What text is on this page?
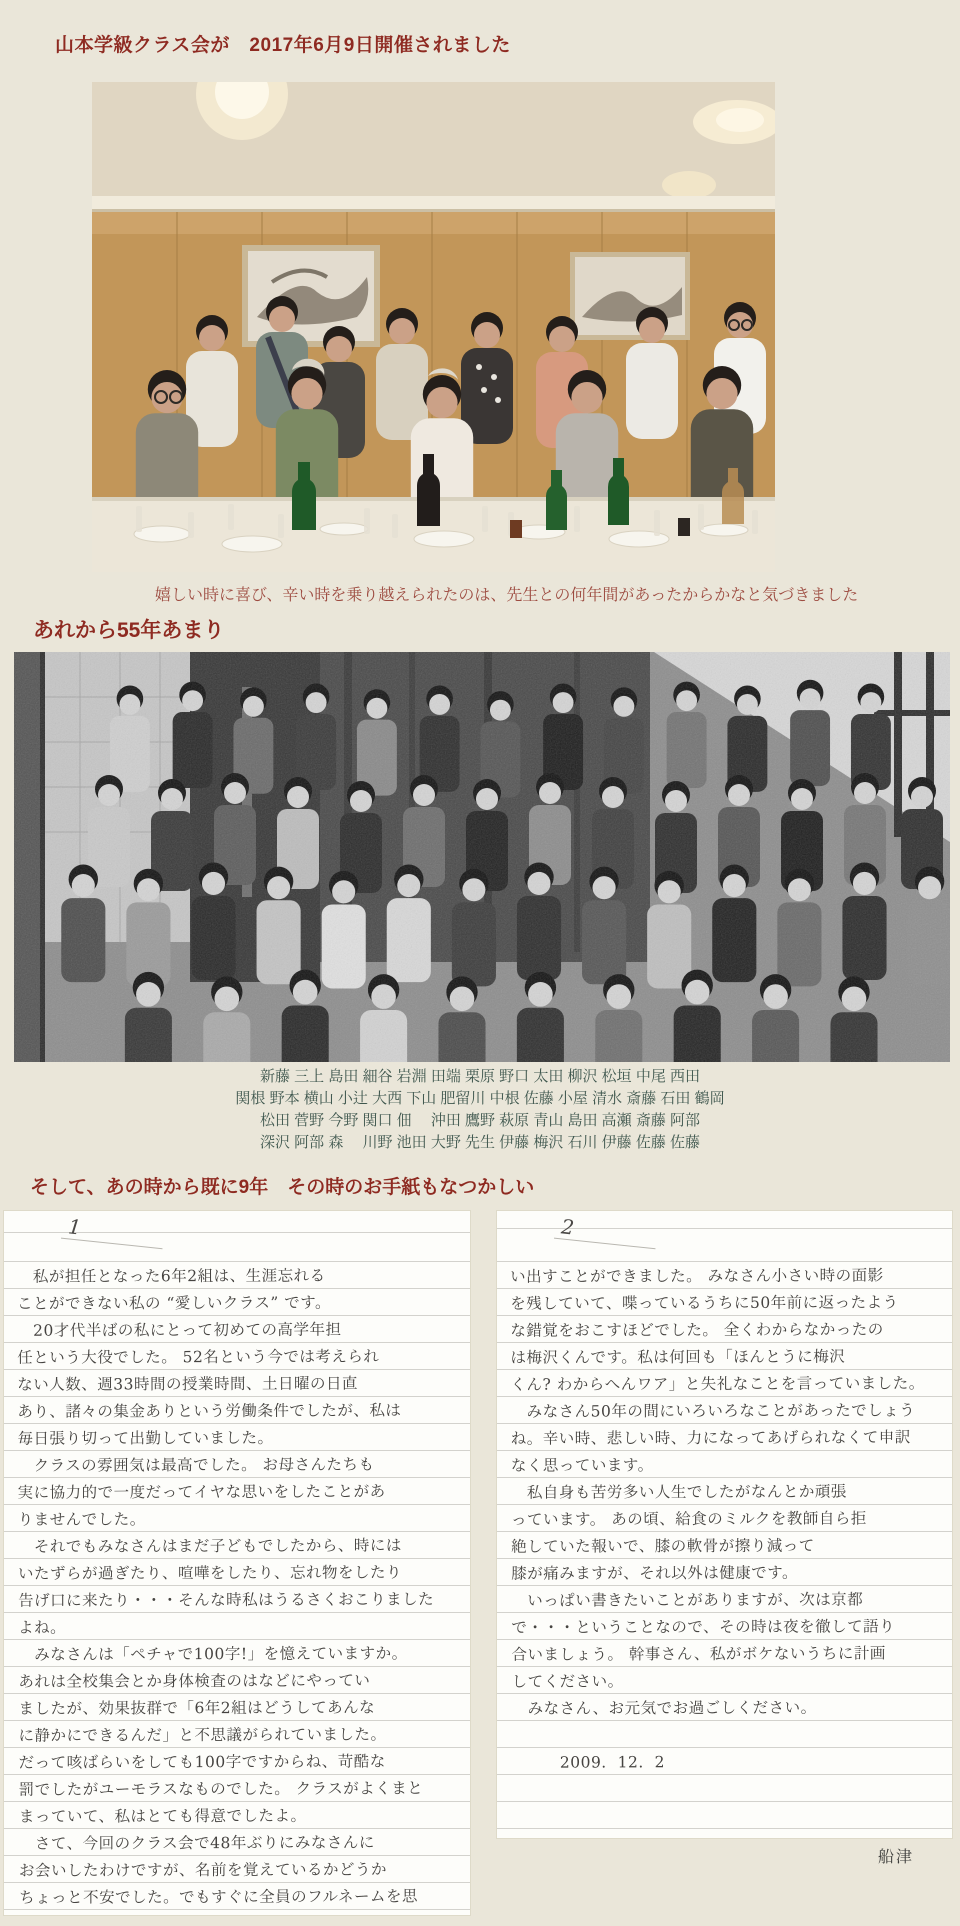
山本学級クラス会が　2017年6月9日開催されました
嬉しい時に喜び、辛い時を乗り越えられたのは、先生との何年間があったからかなと気づきました
あれから55年あまり
新藤 三上 島田 細谷 岩淵 田端 栗原 野口 太田 柳沢 松垣 中尾 西田
関根 野本 横山 小辻 大西 下山 肥留川 中根 佐藤 小屋 清水 斎藤 石田 鶴岡
松田 菅野 今野 関口 佃　 沖田 鷹野 萩原 青山 島田 高瀬 斎藤 阿部
深沢 阿部 森　 川野 池田 大野 先生 伊藤 梅沢 石川 伊藤 佐藤 佐藤
そして、あの時から既に9年　その時のお手紙もなつかしい
1
　私が担任となった6年2組は、生涯忘れる
ことができない私の “愛しいクラス” です。
　20才代半ばの私にとって初めての高学年担
任という大役でした。 52名という今では考えられ
ない人数、週33時間の授業時間、土日曜の日直
あり、諸々の集金ありという労働条件でしたが、私は
毎日張り切って出勤していました。
　クラスの雰囲気は最高でした。 お母さんたちも
実に協力的で一度だってイヤな思いをしたことがあ
りませんでした。
　それでもみなさんはまだ子どもでしたから、時には
いたずらが過ぎたり、喧嘩をしたり、忘れ物をしたり
告げ口に来たり・・・そんな時私はうるさくおこりました
よね。
　みなさんは「ペチャで100字!」を憶えていますか。
あれは全校集会とか身体検査のはなどにやってい
ましたが、効果抜群で「6年2組はどうしてあんな
に静かにできるんだ」と不思議がられていました。
だって咳ばらいをしても100字ですからね、苛酷な
罰でしたがユーモラスなものでした。 クラスがよくまと
まっていて、私はとても得意でしたよ。
　さて、今回のクラス会で48年ぶりにみなさんに
お会いしたわけですが、名前を覚えているかどうか
ちょっと不安でした。でもすぐに全員のフルネームを思
2
い出すことができました。 みなさん小さい時の面影
を残していて、喋っているうちに50年前に返ったよう
な錯覚をおこすほどでした。 全くわからなかったの
は梅沢くんです。私は何回も「ほんとうに梅沢
くん? わからへんワア」と失礼なことを言っていました。
　みなさん50年の間にいろいろなことがあったでしょう
ね。辛い時、悲しい時、力になってあげられなくて申訳
なく思っています。
　私自身も苦労多い人生でしたがなんとか頑張
っています。 あの頃、給食のミルクを教師自ら拒
絶していた報いで、膝の軟骨が擦り減って
膝が痛みますが、それ以外は健康です。
　いっぱい書きたいことがありますが、次は京都
で・・・ということなので、その時は夜を徹して語り
合いましょう。 幹事さん、私がボケないうちに計画
してください。
　みなさん、お元気でお過ごしください。
　　　2009.  12.  2
船津
